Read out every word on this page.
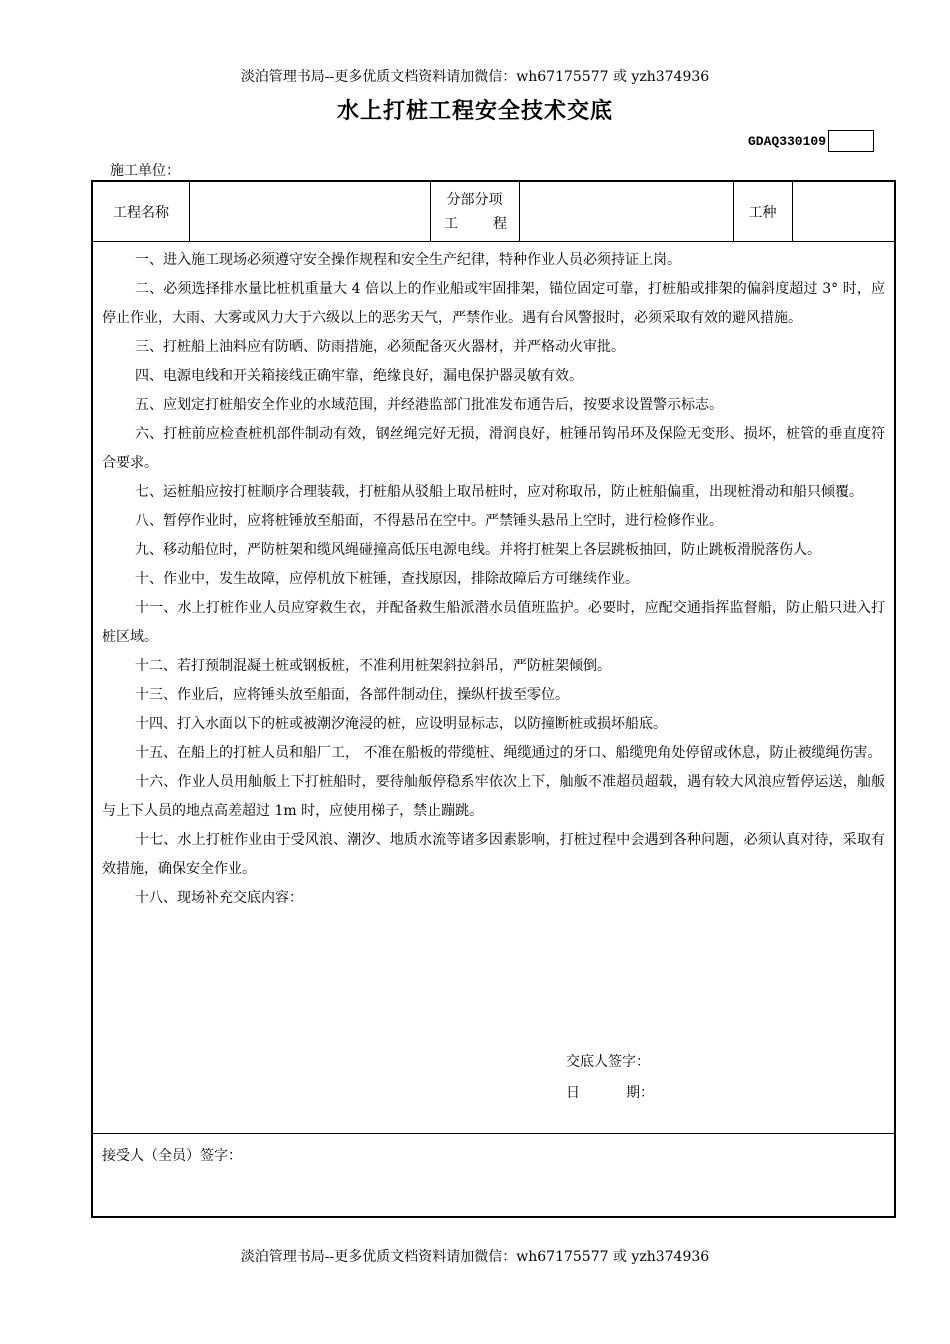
淡泊管理书局--更多优质文档资料请加微信：wh67175577 或 yzh374936
水上打桩工程安全技术交底
GDAQ330109
施工单位：
工程名称
分部分项
工	程
工种

一、进入施工现场必须遵守安全操作规程和安全生产纪律，特种作业人员必须持证上岗。

二、必须选择排水量比桩机重量大 4 倍以上的作业船或牢固排架，锚位固定可靠，打桩船或排架的偏斜度超过 3° 时，应停止作业，大雨、大雾或风力大于六级以上的恶劣天气，严禁作业。遇有台风警报时，必须采取有效的避风措施。

三、打桩船上油料应有防晒、防雨措施，必须配备灭火器材，并严格动火审批。

四、电源电线和开关箱接线正确牢靠，绝缘良好，漏电保护器灵敏有效。

五、应划定打桩船安全作业的水域范围，并经港监部门批准发布通告后，按要求设置警示标志。

六、打桩前应检查桩机部件制动有效，钢丝绳完好无损，滑润良好，桩锤吊钩吊环及保险无变形、损坏，桩管的垂直度符合要求。

七、运桩船应按打桩顺序合理装载，打桩船从驳船上取吊桩时，应对称取吊，防止桩船偏重，出现桩滑动和船只倾覆。

八、暂停作业时，应将桩锤放至船面，不得悬吊在空中。严禁锤头悬吊上空时，进行检修作业。

九、移动船位时，严防桩架和缆风绳碰撞高低压电源电线。并将打桩架上各层跳板抽回，防止跳板滑脱落伤人。

十、作业中，发生故障，应停机放下桩锤，查找原因，排除故障后方可继续作业。

十一、水上打桩作业人员应穿救生衣，并配备救生船派潜水员值班监护。必要时，应配交通指挥监督船，防止船只进入打桩区域。

十二、若打预制混凝土桩或钢板桩，不准利用桩架斜拉斜吊，严防桩架倾倒。

十三、作业后，应将锤头放至船面，各部件制动住，操纵杆拔至零位。

十四、打入水面以下的桩或被潮汐淹浸的桩，应设明显标志，以防撞断桩或损坏船底。

十五、在船上的打桩人员和船厂工， 不准在船板的带缆桩、绳缆通过的牙口、船缆兜角处停留或休息，防止被缆绳伤害。

十六、作业人员用舢舨上下打桩船时，要待舢舨停稳系牢依次上下，舢舨不准超员超载，遇有较大风浪应暂停运送，舢舨与上下人员的地点高差超过 1m 时，应使用梯子，禁止蹦跳。

十七、水上打桩作业由于受风浪、潮汐、地质水流等诸多因素影响，打桩过程中会遇到各种问题，必须认真对待，采取有效措施，确保安全作业。

十八、现场补充交底内容：

交底人签字：
日	期：
接受人（全员）签字：
淡泊管理书局--更多优质文档资料请加微信：wh67175577 或 yzh374936
